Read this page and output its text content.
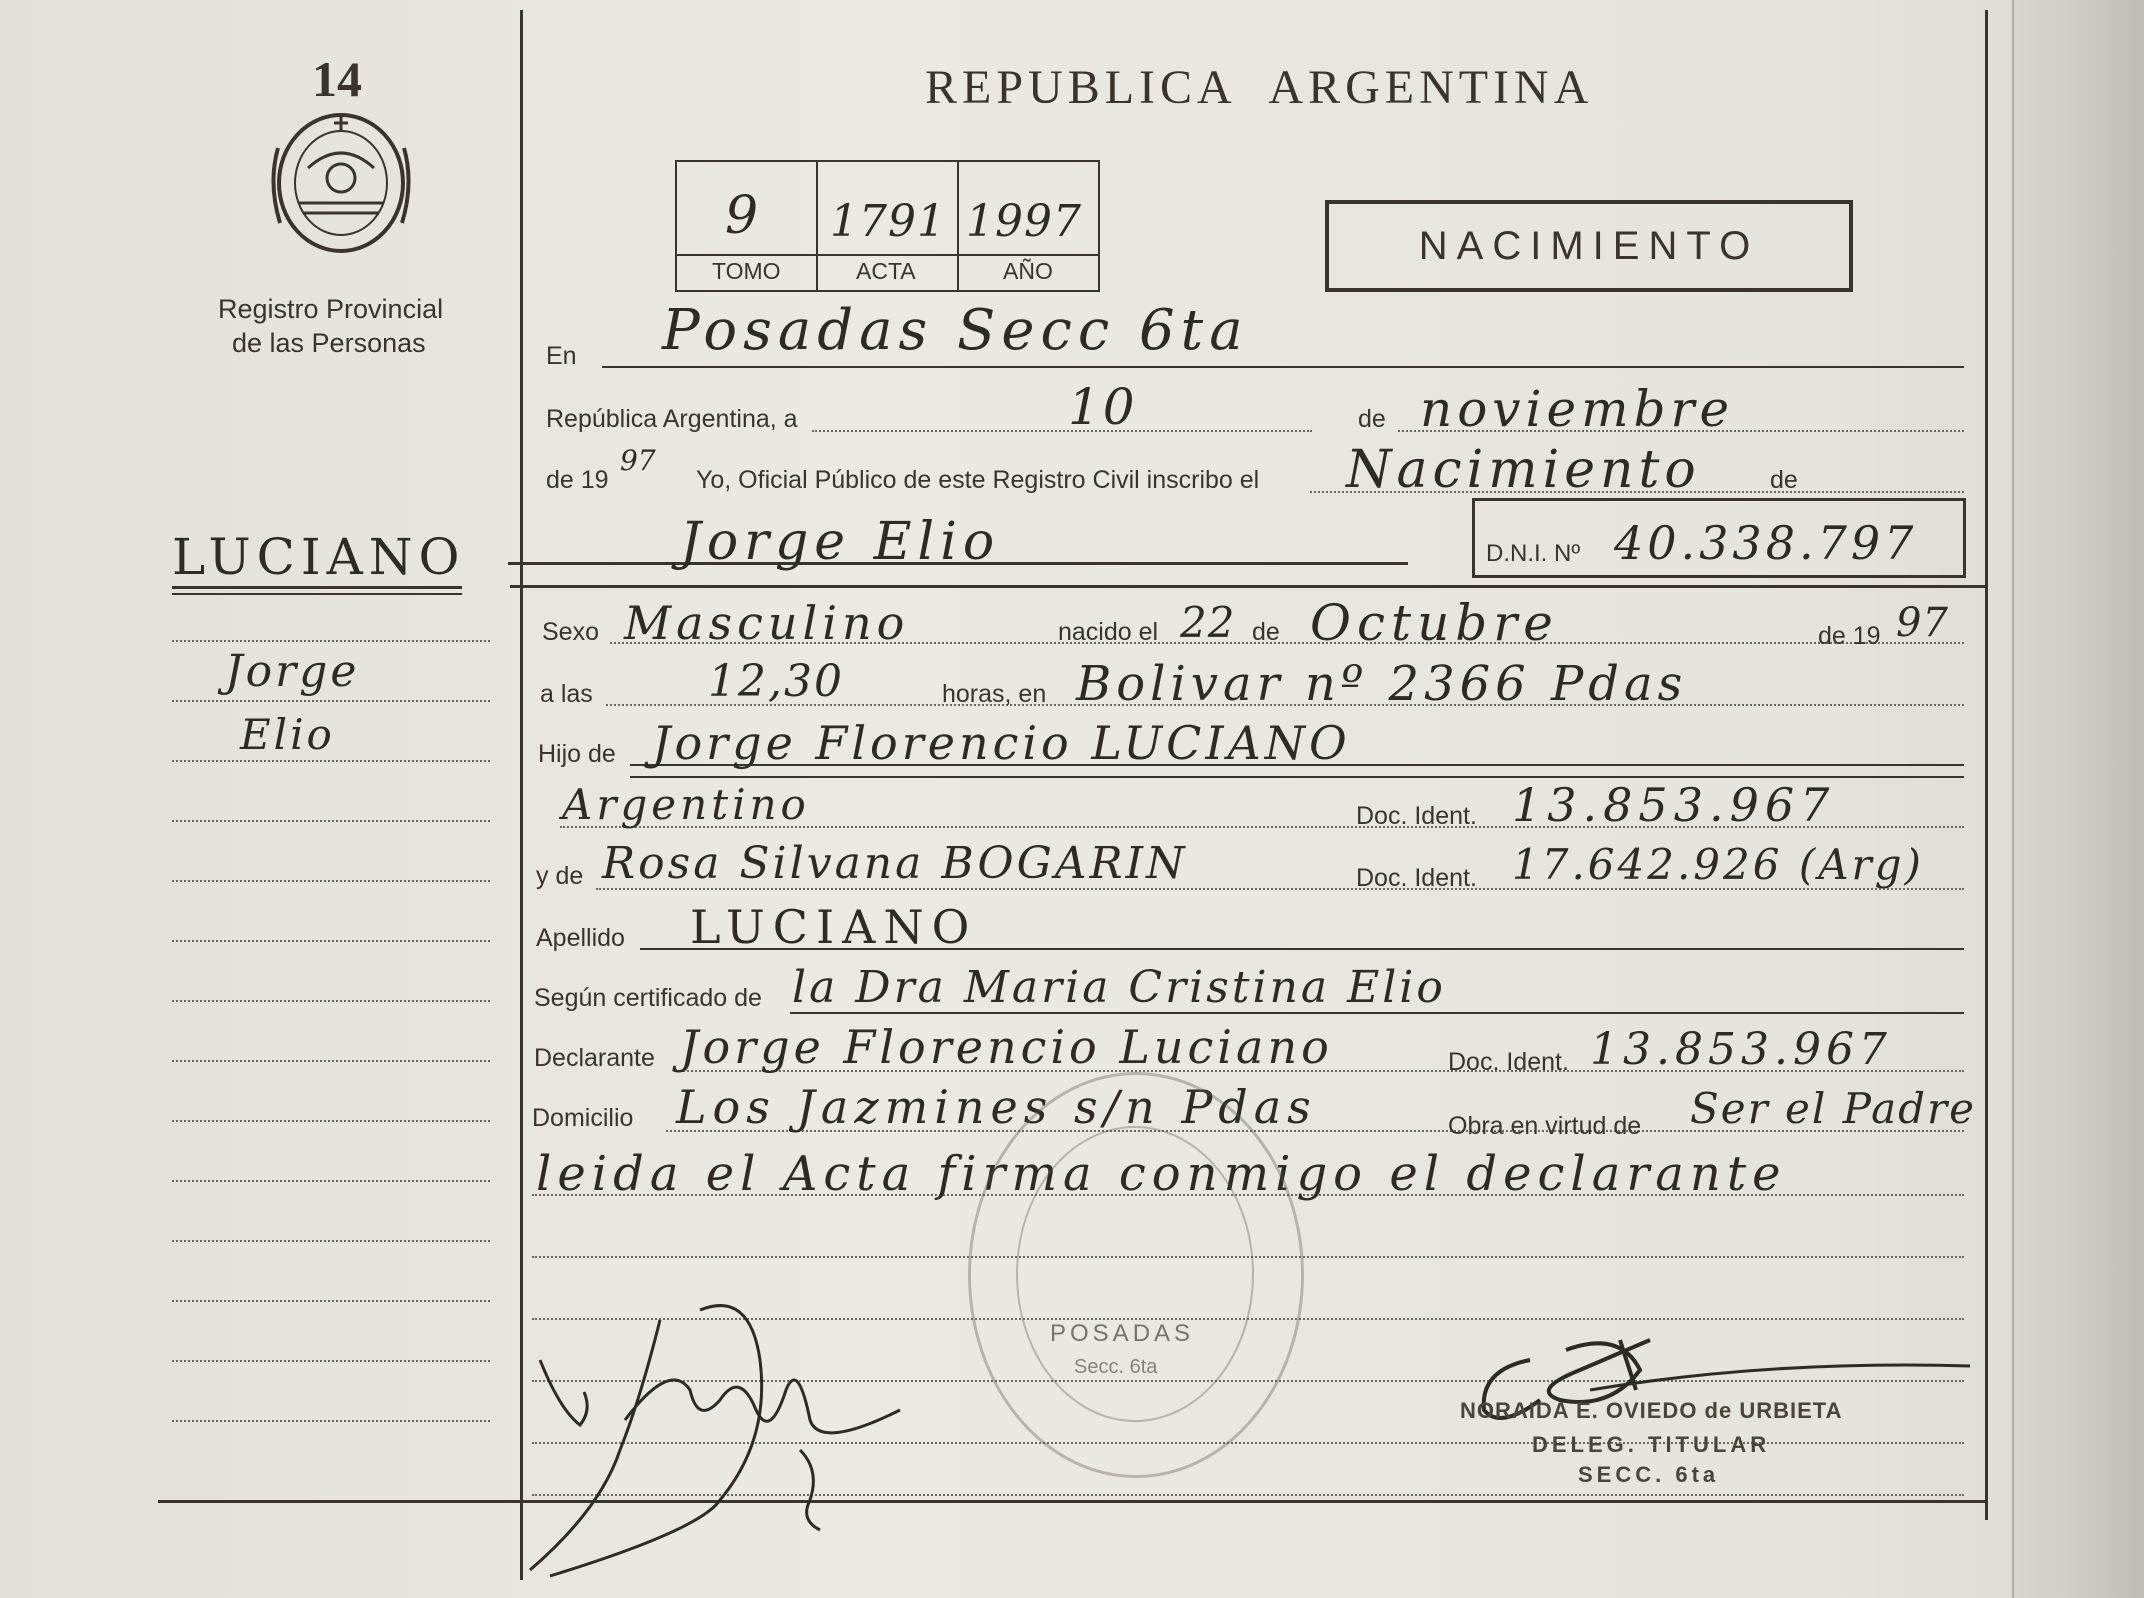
14
Registro Provincial
de las Personas
LUCIANO
Jorge
Elio
REPUBLICA ARGENTINA
9 1791 1997
TOMO	ACTA	AÑO
NACIMIENTO
En Posadas Secc 6ta
República Argentina, a	10	de noviembre
de 19
97
Yo, Oficial Público de este Registro Civil inscribo el Nacimiento	de
Jorge Elio	D.N.I. Nº 40.338.797
Sexo Masculino	nacido el 22 de Octubre	de 19 97
a las	12,30	horas, en Bolivar nº 2366 Pdas
Hijo de Jorge Florencio LUCIANO
Argentino	Doc. Ident. 13.853.967
y de Rosa Silvana BOGARIN	Doc. Ident. 17.642.926 (Arg)
Apellido LUCIANO
Según certificado de la Dra Maria Cristina Elio
Declarante Jorge Florencio Luciano	Doc. Ident. 13.853.967
Domicilio Los Jazmines s/n Pdas	Obra en virtud de Ser el Padre
leida el Acta firma conmigo el declarante
POSADAS
Secc. 6ta
NORAIDA E. OVIEDO de URBIETA
DELEG. TITULAR
SECC. 6ta
